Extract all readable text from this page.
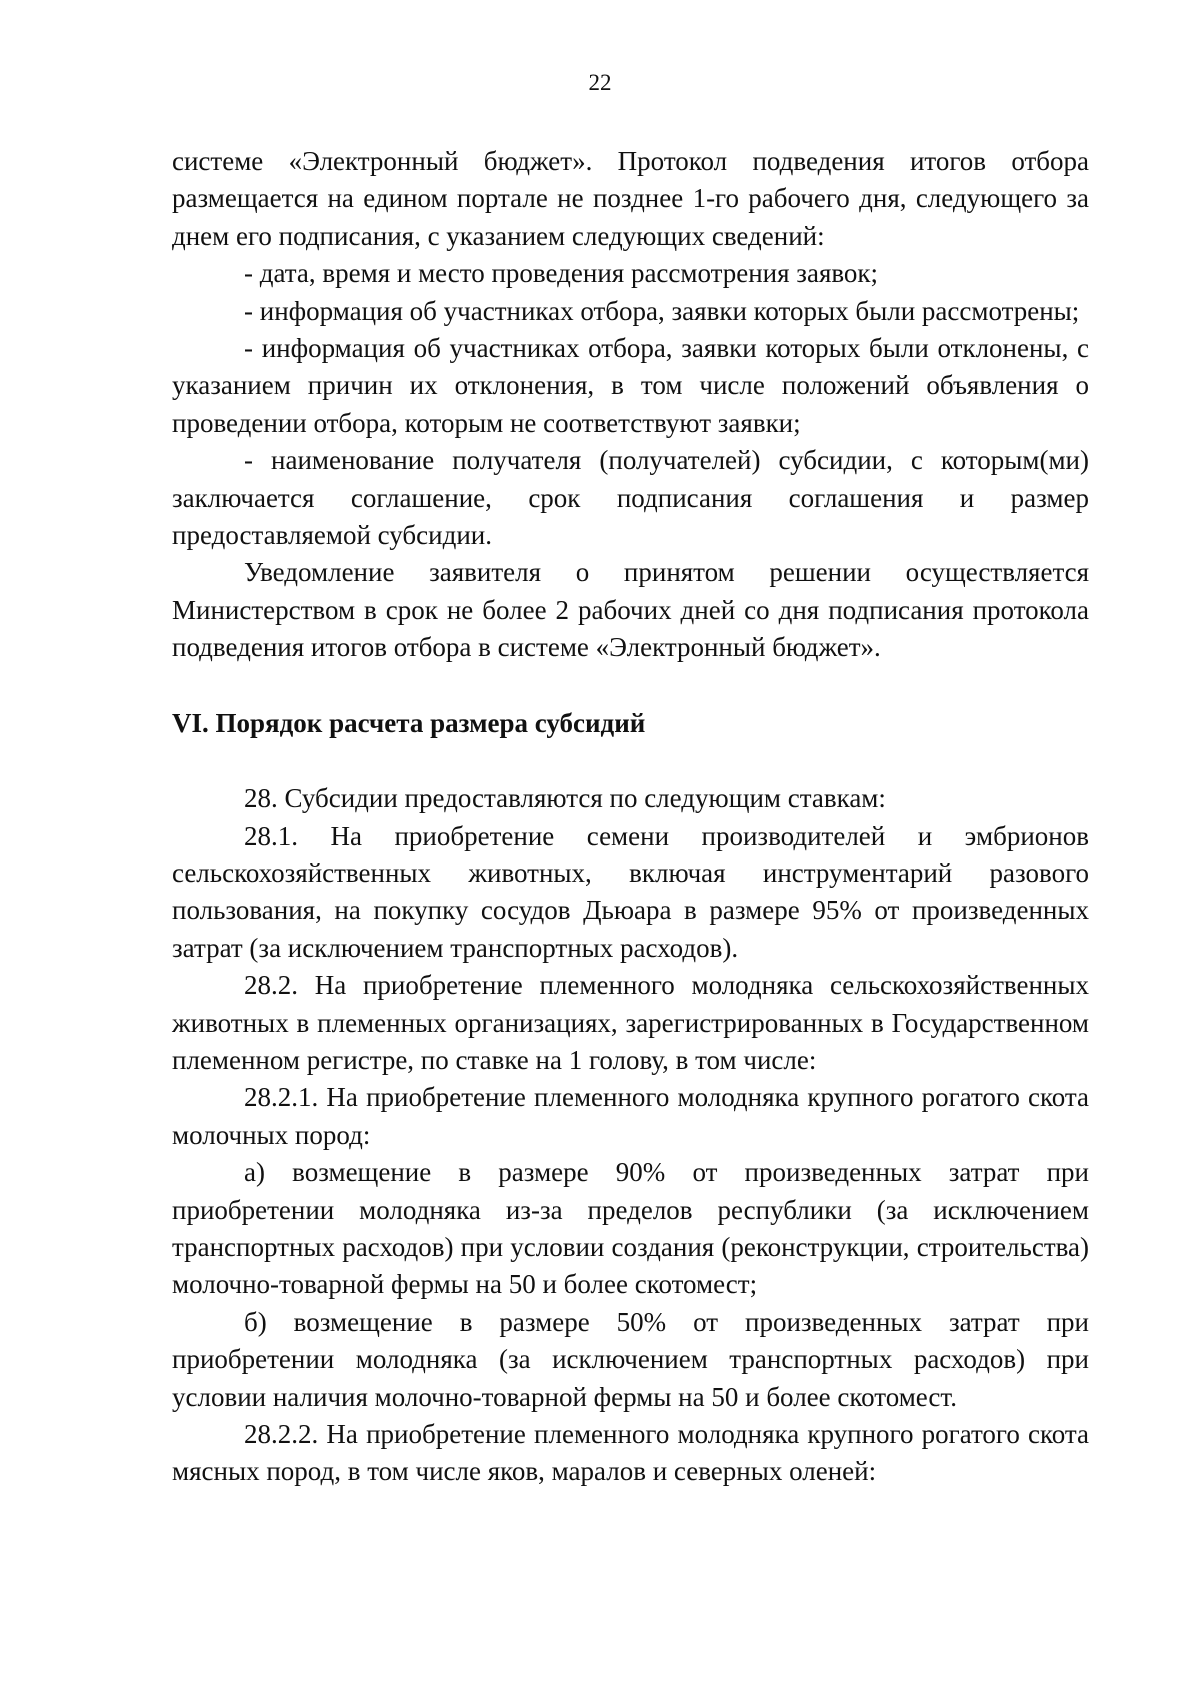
22

системе «Электронный бюджет». Протокол подведения итогов отбора размещается на едином портале не позднее 1-го рабочего дня, следующего за днем его подписания, с указанием следующих сведений:

- дата, время и место проведения рассмотрения заявок;

- информация об участниках отбора, заявки которых были рассмотрены;

- информация об участниках отбора, заявки которых были отклонены, с указанием причин их отклонения, в том числе положений объявления о проведении отбора, которым не соответствуют заявки;

- наименование получателя (получателей) субсидии, с которым(ми) заключается соглашение, срок подписания соглашения и размер предоставляемой субсидии.

Уведомление заявителя о принятом решении осуществляется Министерством в срок не более 2 рабочих дней со дня подписания протокола подведения итогов отбора в системе «Электронный бюджет».

VI. Порядок расчета размера субсидий

28. Субсидии предоставляются по следующим ставкам:

28.1. На приобретение семени производителей и эмбрионов сельскохозяйственных животных, включая инструментарий разового пользования, на покупку сосудов Дьюара в размере 95% от произведенных затрат (за исключением транспортных расходов).

28.2. На приобретение племенного молодняка сельскохозяйственных животных в племенных организациях, зарегистрированных в Государственном племенном регистре, по ставке на 1 голову, в том числе:

28.2.1. На приобретение племенного молодняка крупного рогатого скота молочных пород:

а) возмещение в размере 90% от произведенных затрат при приобретении молодняка из-за пределов республики (за исключением транспортных расходов) при условии создания (реконструкции, строительства) молочно-товарной фермы на 50 и более скотомест;

б) возмещение в размере 50% от произведенных затрат при приобретении молодняка (за исключением транспортных расходов) при условии наличия молочно-товарной фермы на 50 и более скотомест.

28.2.2. На приобретение племенного молодняка крупного рогатого скота мясных пород, в том числе яков, маралов и северных оленей:
